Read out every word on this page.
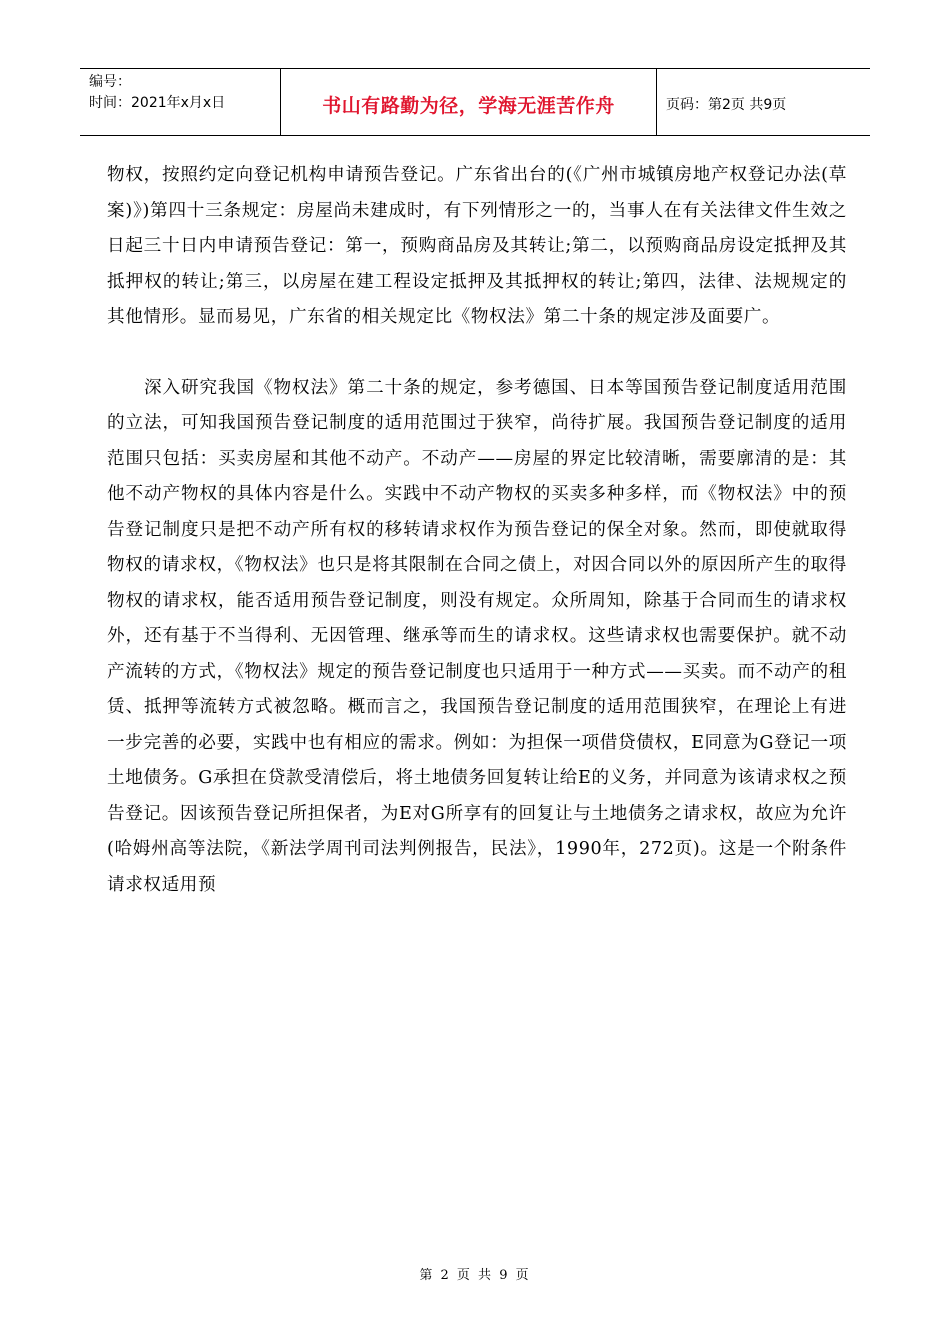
编号：
时间：2021年x月x日	书山有路勤为径，学海无涯苦作舟	页码：第2页 共9页

物权，按照约定向登记机构申请预告登记。广东省出台的(《广州市城镇房地产权登记办法(草案)》)第四十三条规定：房屋尚未建成时，有下列情形之一的，当事人在有关法律文件生效之日起三十日内申请预告登记：第一，预购商品房及其转让;第二，以预购商品房设定抵押及其抵押权的转让;第三，以房屋在建工程设定抵押及其抵押权的转让;第四，法律、法规规定的其他情形。显而易见，广东省的相关规定比《物权法》第二十条的规定涉及面要广。

深入研究我国《物权法》第二十条的规定，参考德国、日本等国预告登记制度适用范围的立法，可知我国预告登记制度的适用范围过于狭窄，尚待扩展。我国预告登记制度的适用范围只包括：买卖房屋和其他不动产。不动产——房屋的界定比较清晰，需要廓清的是：其他不动产物权的具体内容是什么。实践中不动产物权的买卖多种多样，而《物权法》中的预告登记制度只是把不动产所有权的移转请求权作为预告登记的保全对象。然而，即使就取得物权的请求权，《物权法》也只是将其限制在合同之债上，对因合同以外的原因所产生的取得物权的请求权，能否适用预告登记制度，则没有规定。众所周知，除基于合同而生的请求权外，还有基于不当得利、无因管理、继承等而生的请求权。这些请求权也需要保护。就不动产流转的方式，《物权法》规定的预告登记制度也只适用于一种方式——买卖。而不动产的租赁、抵押等流转方式被忽略。概而言之，我国预告登记制度的适用范围狭窄，在理论上有进一步完善的必要，实践中也有相应的需求。例如：为担保一项借贷债权，E同意为G登记一项土地债务。G承担在贷款受清偿后，将土地债务回复转让给E的义务，并同意为该请求权之预告登记。因该预告登记所担保者，为E对G所享有的回复让与土地债务之请求权，故应为允许(哈姆州高等法院，《新法学周刊司法判例报告，民法》，1990年，272页)。这是一个附条件请求权适用预

第 2 页 共 9 页
